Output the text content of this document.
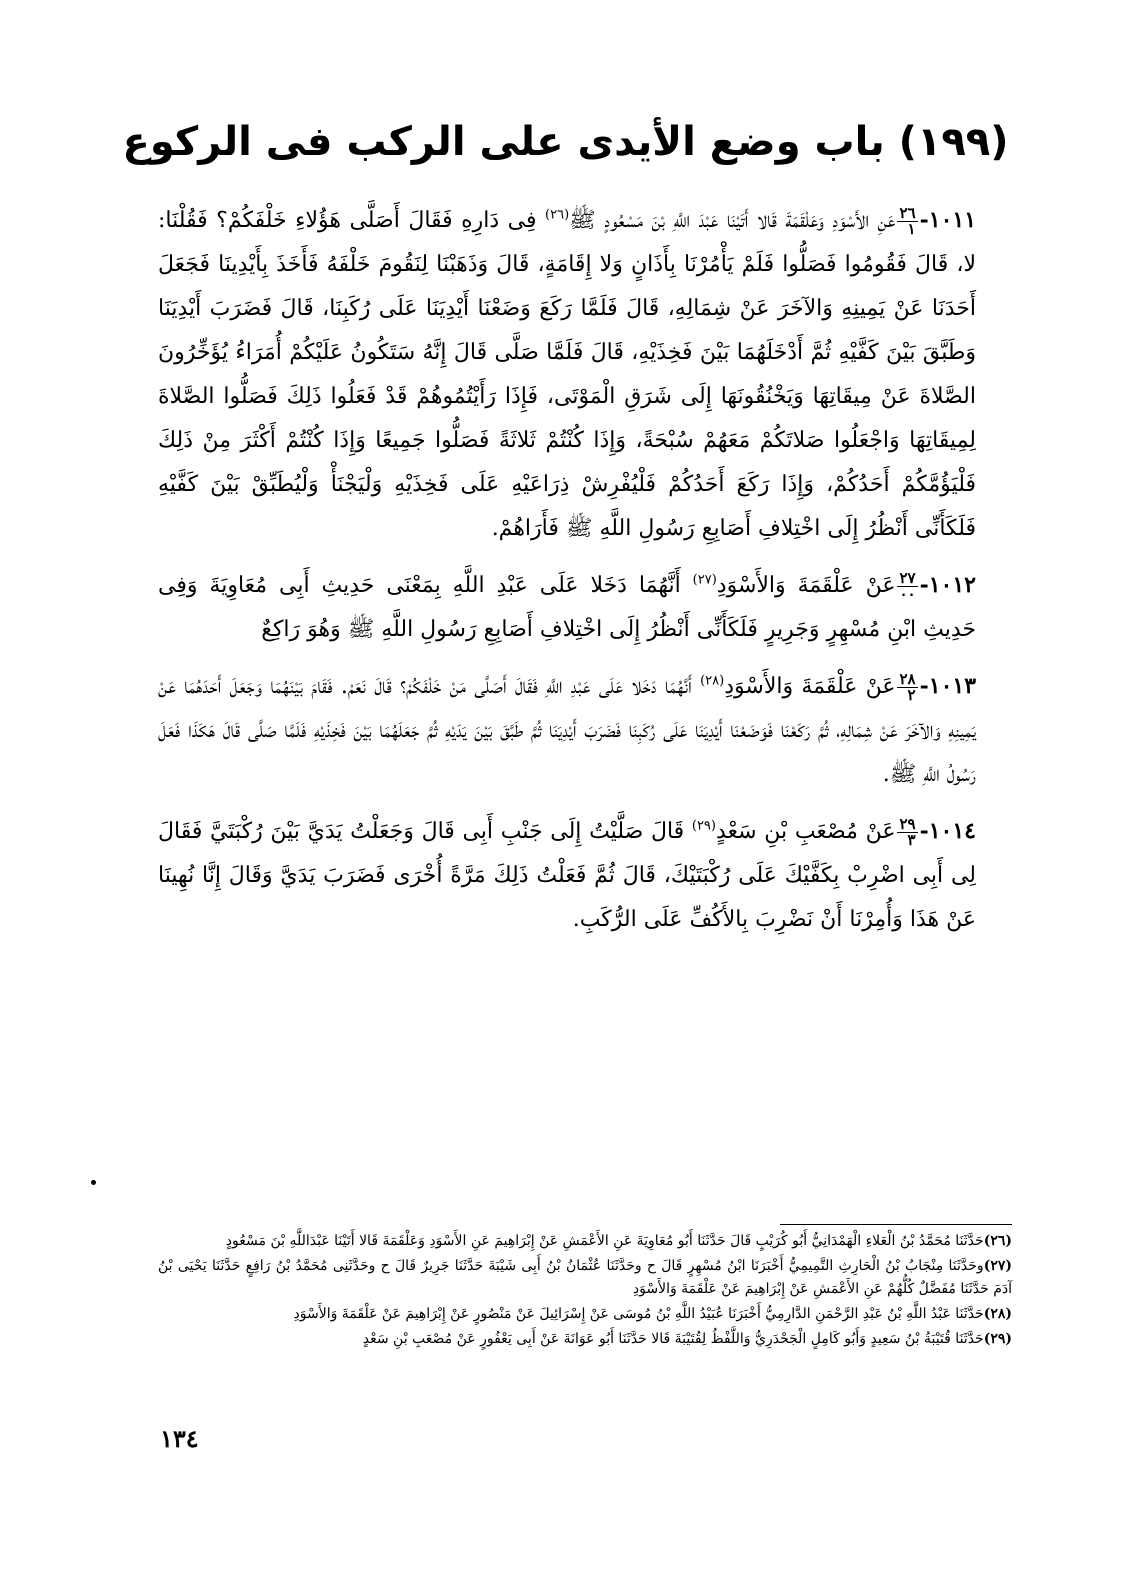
(١٩٩) باب وضع الأيدى على الركب فى الركوع

١٠١١-
$\frac{٢٦}{١}$
عَنِ الأَسْوَدِ وَعَلْقَمَةَ قَالا أَتَيْنَا عَبْدَ اللَّهِ بْنَ مَسْعُودٍ ﷺ$^{(٢٦)}$ فِى دَارِهِ فَقَالَ أَصَلَّى هَؤُلاءِ خَلْفَكُمْ؟ فَقُلْنَا: لا، قَالَ فَقُومُوا فَصَلُّوا فَلَمْ يَأْمُرْنَا بِأَذَانٍ وَلا إِقَامَةٍ، قَالَ وَذَهَبْنَا لِنَقُومَ خَلْفَهُ فَأَخَذَ بِأَيْدِينَا فَجَعَلَ أَحَدَنَا عَنْ يَمِينِهِ وَالآخَرَ عَنْ شِمَالِهِ، قَالَ فَلَمَّا رَكَعَ وَضَعْنَا أَيْدِيَنَا عَلَى رُكَبِنَا، قَالَ فَضَرَبَ أَيْدِيَنَا وَطَبَّقَ بَيْنَ كَفَّيْهِ ثُمَّ أَدْخَلَهُمَا بَيْنَ فَخِذَيْهِ، قَالَ فَلَمَّا صَلَّى قَالَ إِنَّهُ سَتَكُونُ عَلَيْكُمْ أُمَرَاءُ يُؤَخِّرُونَ الصَّلاةَ عَنْ مِيقَاتِهَا وَيَخْنُقُونَهَا إِلَى شَرَقِ الْمَوْتَى، فَإِذَا رَأَيْتُمُوهُمْ قَدْ فَعَلُوا ذَلِكَ فَصَلُّوا الصَّلاةَ لِمِيقَاتِهَا وَاجْعَلُوا صَلاتَكُمْ مَعَهُمْ سُبْحَةً، وَإِذَا كُنْتُمْ ثَلاثَةً فَصَلُّوا جَمِيعًا وَإِذَا كُنْتُمْ أَكْثَرَ مِنْ ذَلِكَ فَلْيَؤُمَّكُمْ أَحَدُكُمْ، وَإِذَا رَكَعَ أَحَدُكُمْ فَلْيُفْرِشْ ذِرَاعَيْهِ عَلَى فَخِذَيْهِ وَلْيَجْنَأْ وَلْيُطَبِّقْ بَيْنَ كَفَّيْهِ فَلَكَأَنِّى أَنْظُرُ إِلَى اخْتِلافِ أَصَابِعِ رَسُولِ اللَّهِ ﷺ فَأَرَاهُمْ.

١٠١٢-
$\frac{٢٧}{٠٠}$
عَنْ عَلْقَمَةَ وَالأَسْوَدِ$^{(٢٧)}$ أَنَّهُمَا دَخَلا عَلَى عَبْدِ اللَّهِ بِمَعْنَى حَدِيثِ أَبِى مُعَاوِيَةَ وَفِى حَدِيثِ ابْنِ مُسْهِرٍ وَجَرِيرٍ فَلَكَأَنِّى أَنْظُرُ إِلَى اخْتِلافِ أَصَابِعِ رَسُولِ اللَّهِ ﷺ وَهُوَ رَاكِعٌ

١٠١٣-
$\frac{٢٨}{٢}$
عَنْ عَلْقَمَةَ وَالأَسْوَدِ$^{(٢٨)}$ أَنَّهُمَا دَخَلا عَلَى عَبْدِ اللَّهِ فَقَالَ أَصَلَّى مَنْ خَلْفَكُمْ؟ قَالَ نَعَمْ. فَقَامَ بَيْنَهُمَا وَجَعَلَ أَحَدَهُمَا عَنْ يَمِينِهِ وَالآخَرَ عَنْ شِمَالِهِ، ثُمَّ رَكَعْنَا فَوَضَعْنَا أَيْدِيَنَا عَلَى رُكَبِنَا فَضَرَبَ أَيْدِيَنَا ثُمَّ طَبَّقَ بَيْنَ يَدَيْهِ ثُمَّ جَعَلَهُمَا بَيْنَ فَخِذَيْهِ فَلَمَّا صَلَّى قَالَ هَكَذَا فَعَلَ رَسُولُ اللَّهِ ﷺ.

١٠١٤-
$\frac{٢٩}{٣}$
عَنْ مُصْعَبِ بْنِ سَعْدٍ$^{(٢٩)}$ قَالَ صَلَّيْتُ إِلَى جَنْبِ أَبِى قَالَ وَجَعَلْتُ يَدَيَّ بَيْنَ رُكْبَتَيَّ فَقَالَ لِى أَبِى اضْرِبْ بِكَفَّيْكَ عَلَى رُكْبَتَيْكَ، قَالَ ثُمَّ فَعَلْتُ ذَلِكَ مَرَّةً أُخْرَى فَضَرَبَ يَدَيَّ وَقَالَ إِنَّا نُهِينَا عَنْ هَذَا وَأُمِرْنَا أَنْ نَضْرِبَ بِالأَكُفِّ عَلَى الرُّكَبِ.

(٢٦)حَدَّثَنَا مُحَمَّدُ بْنُ الْعَلاءِ الْهَمْدَانِيُّ أَبُو كُرَيْبٍ قَالَ حَدَّثَنَا أَبُو مُعَاوِيَةَ عَنِ الأَعْمَشِ عَنْ إِبْرَاهِيمَ عَنِ الأَسْوَدِ وَعَلْقَمَةَ قَالا أَتَيْنَا عَبْدَاللَّهِ بْنَ مَسْعُودٍ

(٢٧)وحَدَّثَنَا مِنْجَابُ بْنُ الْحَارِثِ التَّمِيمِيُّ أَخْبَرَنَا ابْنُ مُسْهِرٍ قَالَ ح وحَدَّثَنَا عُثْمَانُ بْنُ أَبِى شَيْبَةَ حَدَّثَنَا جَرِيرٌ قَالَ ح وحَدَّثَنِى مُحَمَّدُ بْنُ رَافِعٍ حَدَّثَنَا يَحْيَى بْنُ آدَمَ حَدَّثَنَا مُفَضَّلٌ كُلُّهُمْ عَنِ الأَعْمَشِ عَنْ إِبْرَاهِيمَ عَنْ عَلْقَمَةَ وَالأَسْوَدِ

(٢٨)حَدَّثَنَا عَبْدُ اللَّهِ بْنُ عَبْدِ الرَّحْمَنِ الدَّارِمِيُّ أَخْبَرَنَا عُبَيْدُ اللَّهِ بْنُ مُوسَى عَنْ إِسْرَائِيلَ عَنْ مَنْصُورٍ عَنْ إِبْرَاهِيمَ عَنْ عَلْقَمَةَ وَالأَسْوَدِ

(٢٩)حَدَّثَنَا قُتَيْبَةُ بْنُ سَعِيدٍ وَأَبُو كَامِلٍ الْجَحْدَرِيُّ وَاللَّفْظُ لِقُتَيْبَةَ قَالا حَدَّثَنَا أَبُو عَوَانَةَ عَنْ أَبِى يَعْفُورٍ عَنْ مُصْعَبِ بْنِ سَعْدٍ

١٣٤
